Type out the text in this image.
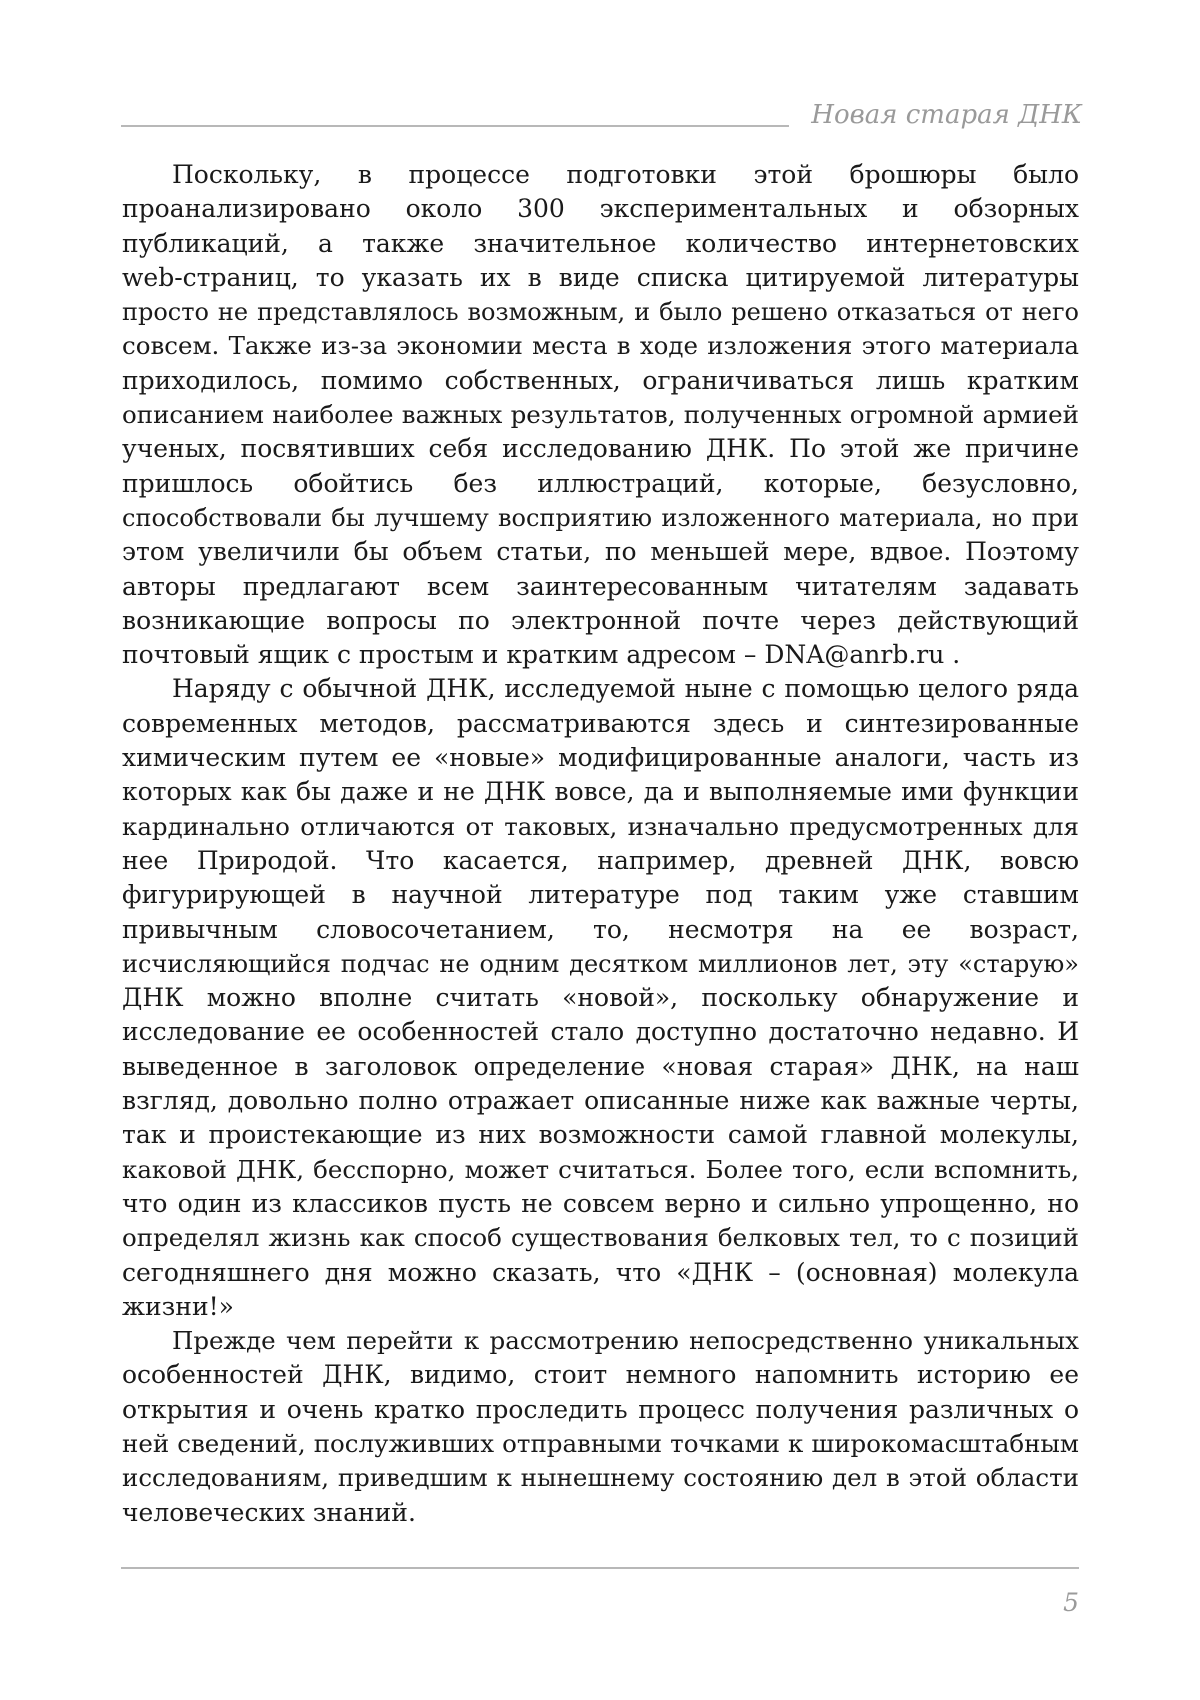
Новая старая ДНК
Поскольку, в процессе подготовки этой брошюры было
проанализировано около 300 экспериментальных и обзорных
публикаций, а также значительное количество интернетовских
web-страниц, то указать их в виде списка цитируемой литературы
просто не представлялось возможным, и было решено отказаться от него
совсем. Также из-за экономии места в ходе изложения этого материала
приходилось, помимо собственных, ограничиваться лишь кратким
описанием наиболее важных результатов, полученных огромной армией
ученых, посвятивших себя исследованию ДНК. По этой же причине
пришлось обойтись без иллюстраций, которые, безусловно,
способствовали бы лучшему восприятию изложенного материала, но при
этом увеличили бы объем статьи, по меньшей мере, вдвое. Поэтому
авторы предлагают всем заинтересованным читателям задавать
возникающие вопросы по электронной почте через действующий
почтовый ящик с простым и кратким адресом – DNA@anrb.ru .
Наряду с обычной ДНК, исследуемой ныне с помощью целого ряда
современных методов, рассматриваются здесь и синтезированные
химическим путем ее «новые» модифицированные аналоги, часть из
которых как бы даже и не ДНК вовсе, да и выполняемые ими функции
кардинально отличаются от таковых, изначально предусмотренных для
нее Природой. Что касается, например, древней ДНК, вовсю
фигурирующей в научной литературе под таким уже ставшим
привычным словосочетанием, то, несмотря на ее возраст,
исчисляющийся подчас не одним десятком миллионов лет, эту «старую»
ДНК можно вполне считать «новой», поскольку обнаружение и
исследование ее особенностей стало доступно достаточно недавно. И
выведенное в заголовок определение «новая старая» ДНК, на наш
взгляд, довольно полно отражает описанные ниже как важные черты,
так и проистекающие из них возможности самой главной молекулы,
каковой ДНК, бесспорно, может считаться. Более того, если вспомнить,
что один из классиков пусть не совсем верно и сильно упрощенно, но
определял жизнь как способ существования белковых тел, то с позиций
сегодняшнего дня можно сказать, что «ДНК – (основная) молекула
жизни!»
Прежде чем перейти к рассмотрению непосредственно уникальных
особенностей ДНК, видимо, стоит немного напомнить историю ее
открытия и очень кратко проследить процесс получения различных о
ней сведений, послуживших отправными точками к широкомасштабным
исследованиям, приведшим к нынешнему состоянию дел в этой области
человеческих знаний.
5
